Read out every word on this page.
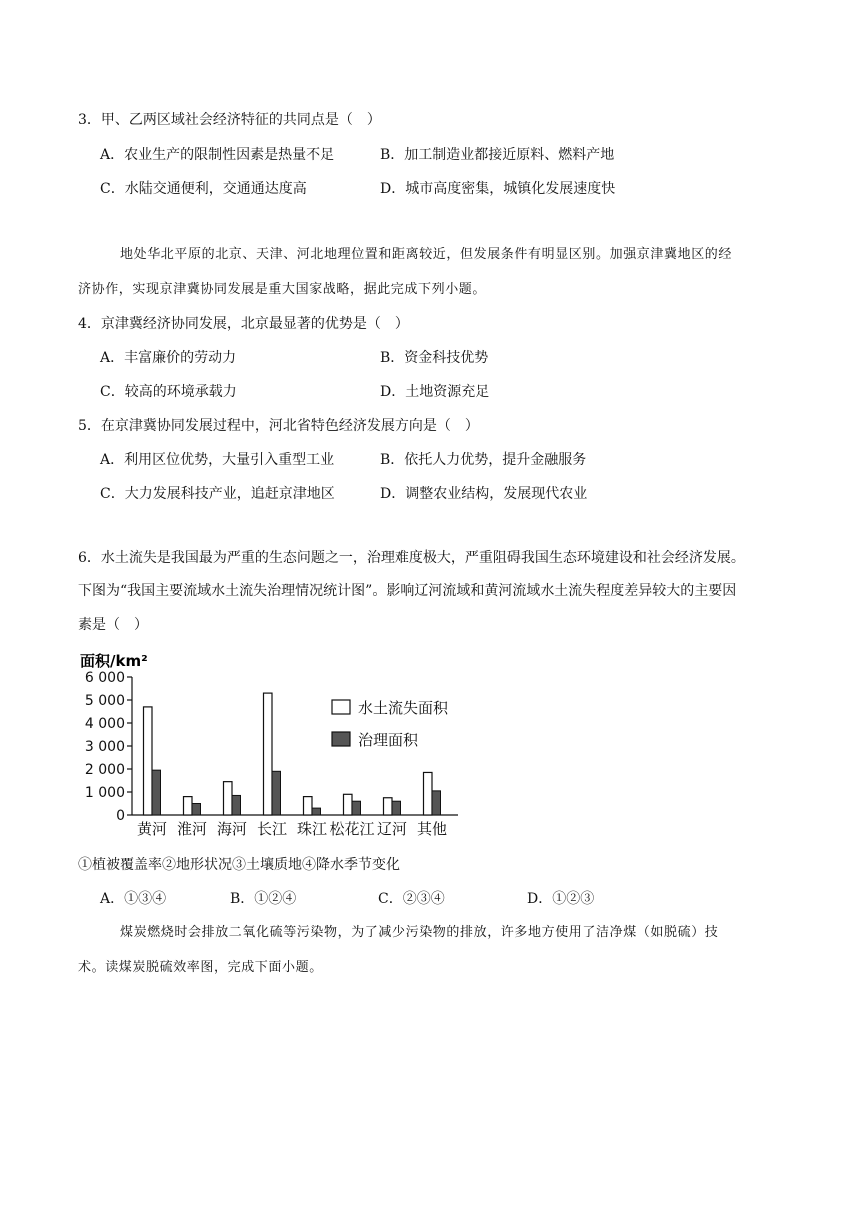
3．甲、乙两区域社会经济特征的共同点是（　）
A．农业生产的限制性因素是热量不足	B．加工制造业都接近原料、燃料产地
C．水陆交通便利，交通通达度高	D．城市高度密集，城镇化发展速度快
地处华北平原的北京、天津、河北地理位置和距离较近，但发展条件有明显区别。加强京津冀地区的经
济协作，实现京津冀协同发展是重大国家战略，据此完成下列小题。
4．京津冀经济协同发展，北京最显著的优势是（　）
A．丰富廉价的劳动力	B．资金科技优势
C．较高的环境承载力	D．土地资源充足
5．在京津冀协同发展过程中，河北省特色经济发展方向是（　）
A．利用区位优势，大量引入重型工业	B．依托人力优势，提升金融服务
C．大力发展科技产业，追赶京津地区	D．调整农业结构，发展现代农业
6．水土流失是我国最为严重的生态问题之一，治理难度极大，严重阻碍我国生态环境建设和社会经济发展。
下图为“我国主要流域水土流失治理情况统计图”。影响辽河流域和黄河流域水土流失程度差异较大的主要因
素是（　）
面积/km²
0
1 000
2 000
3 000
4 000
5 000
6 000
黄河 淮河 海河 长江 珠江 松花江 辽河 其他
水土流失面积
治理面积
①植被覆盖率②地形状况③土壤质地④降水季节变化
A．①③④	B．①②④	C．②③④	D．①②③
煤炭燃烧时会排放二氧化硫等污染物，为了减少污染物的排放，许多地方使用了洁净煤（如脱硫）技
术。读煤炭脱硫效率图，完成下面小题。
